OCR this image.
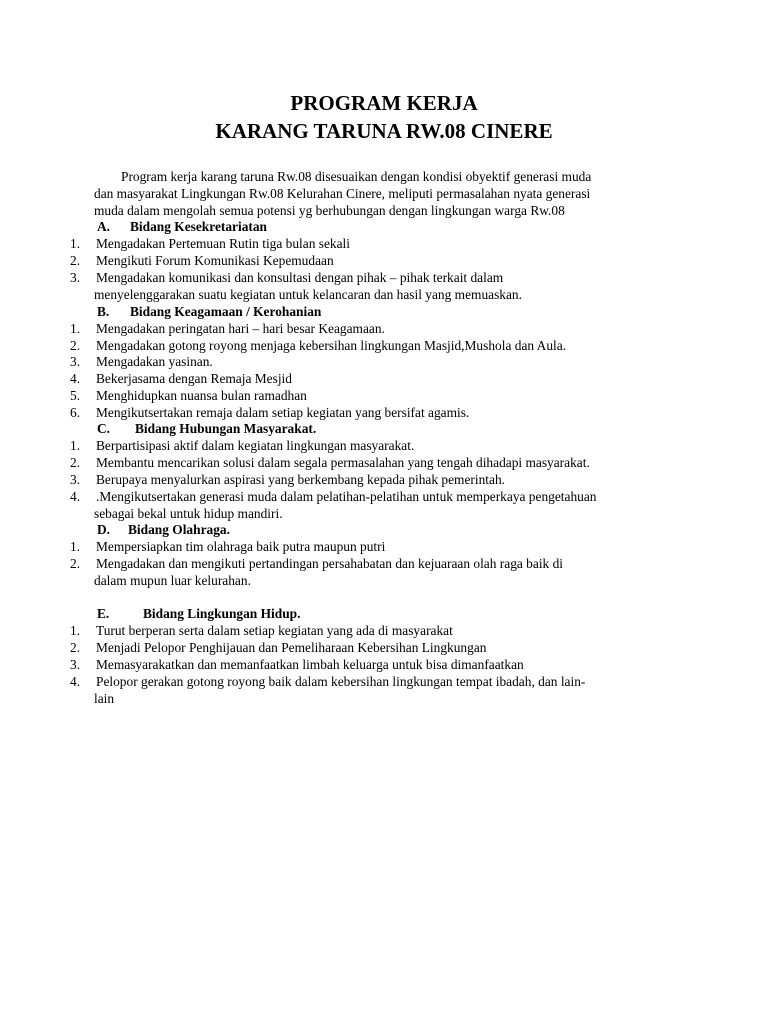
PROGRAM KERJA
KARANG TARUNA RW.08 CINERE
Program kerja karang taruna Rw.08 disesuaikan dengan kondisi obyektif generasi muda
dan masyarakat Lingkungan Rw.08 Kelurahan Cinere, meliputi permasalahan nyata generasi
muda dalam mengolah semua potensi yg berhubungan dengan lingkungan warga Rw.08
A. Bidang Kesekretariatan
1. Mengadakan Pertemuan Rutin tiga bulan sekali
2. Mengikuti Forum Komunikasi Kepemudaan
3. Mengadakan komunikasi dan konsultasi dengan pihak – pihak terkait dalam
menyelenggarakan suatu kegiatan untuk kelancaran dan hasil yang memuaskan.
B. Bidang Keagamaan / Kerohanian
1. Mengadakan peringatan hari – hari besar Keagamaan.
2. Mengadakan gotong royong menjaga kebersihan lingkungan Masjid,Mushola dan Aula.
3. Mengadakan yasinan.
4. Bekerjasama dengan Remaja Mesjid
5. Menghidupkan nuansa bulan ramadhan
6. Mengikutsertakan remaja dalam setiap kegiatan yang bersifat agamis.
C. Bidang Hubungan Masyarakat.
1. Berpartisipasi aktif dalam kegiatan lingkungan masyarakat.
2. Membantu mencarikan solusi dalam segala permasalahan yang tengah dihadapi masyarakat.
3. Berupaya menyalurkan aspirasi yang berkembang kepada pihak pemerintah.
4. .Mengikutsertakan generasi muda dalam pelatihan-pelatihan untuk memperkaya pengetahuan
sebagai bekal untuk hidup mandiri.
D. Bidang Olahraga.
1. Mempersiapkan tim olahraga baik putra maupun putri
2. Mengadakan dan mengikuti pertandingan persahabatan dan kejuaraan olah raga baik di
dalam mupun luar kelurahan.
E.	Bidang Lingkungan Hidup.
1. Turut berperan serta dalam setiap kegiatan yang ada di masyarakat
2. Menjadi Pelopor Penghijauan dan Pemeliharaan Kebersihan Lingkungan
3. Memasyarakatkan dan memanfaatkan limbah keluarga untuk bisa dimanfaatkan
4. Pelopor gerakan gotong royong baik dalam kebersihan lingkungan tempat ibadah, dan lain-
lain
